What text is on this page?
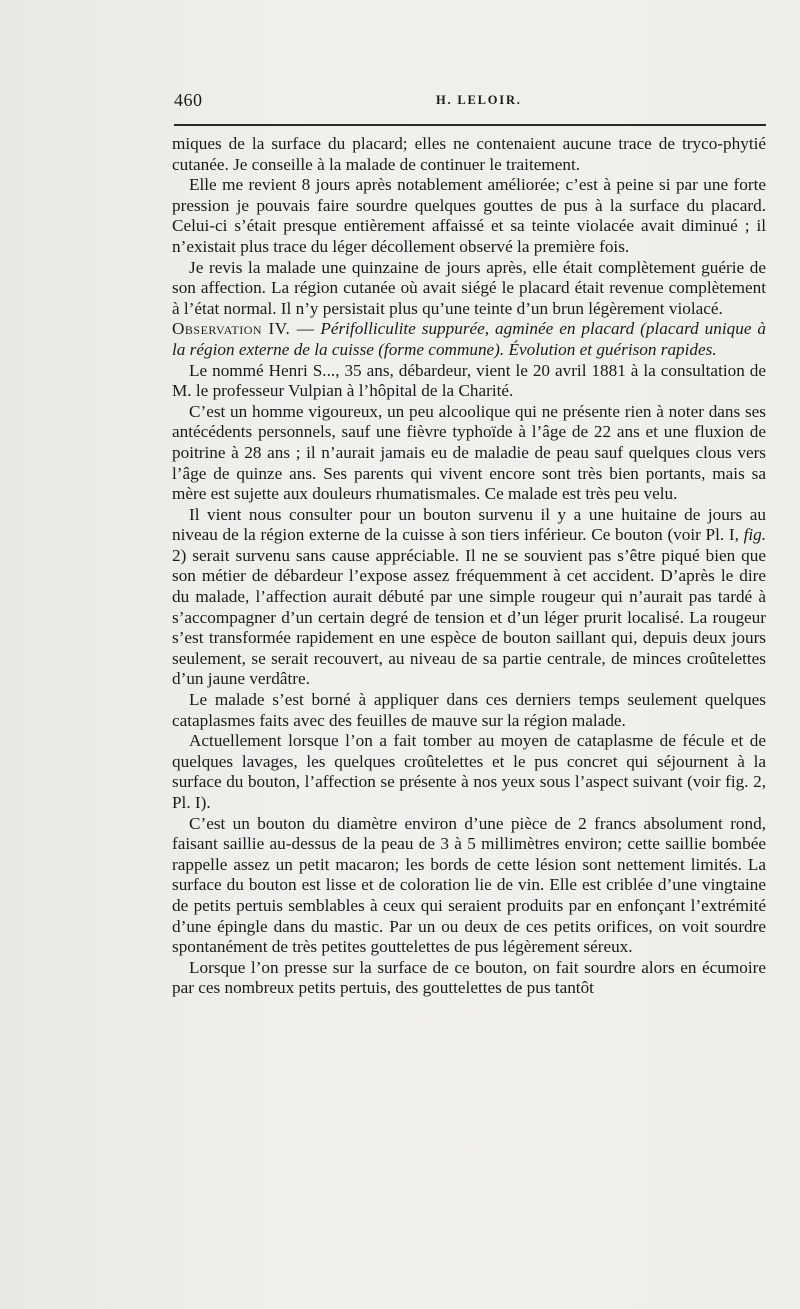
460	H. LELOIR.

miques de la surface du placard; elles ne contenaient aucune trace de tryco-phytié cutanée. Je conseille à la malade de continuer le traitement.

Elle me revient 8 jours après notablement améliorée; c’est à peine si par une forte pression je pouvais faire sourdre quelques gouttes de pus à la surface du placard. Celui-ci s’était presque entièrement affaissé et sa teinte violacée avait diminué ; il n’existait plus trace du léger décollement observé la première fois.

Je revis la malade une quinzaine de jours après, elle était complètement guérie de son affection. La région cutanée où avait siégé le placard était revenue complètement à l’état normal. Il n’y persistait plus qu’une teinte d’un brun légèrement violacé.

Observation IV. — Périfolliculite suppurée, agminée en placard (placard unique à la région externe de la cuisse (forme commune). Évolution et guérison rapides.

Le nommé Henri S..., 35 ans, débardeur, vient le 20 avril 1881 à la consultation de M. le professeur Vulpian à l’hôpital de la Charité.

C’est un homme vigoureux, un peu alcoolique qui ne présente rien à noter dans ses antécédents personnels, sauf une fièvre typhoïde à l’âge de 22 ans et une fluxion de poitrine à 28 ans ; il n’aurait jamais eu de maladie de peau sauf quelques clous vers l’âge de quinze ans. Ses parents qui vivent encore sont très bien portants, mais sa mère est sujette aux douleurs rhumatismales. Ce malade est très peu velu.

Il vient nous consulter pour un bouton survenu il y a une huitaine de jours au niveau de la région externe de la cuisse à son tiers inférieur. Ce bouton (voir Pl. I, fig. 2) serait survenu sans cause appréciable. Il ne se souvient pas s’être piqué bien que son métier de débardeur l’expose assez fréquemment à cet accident. D’après le dire du malade, l’affection aurait débuté par une simple rougeur qui n’aurait pas tardé à s’accompagner d’un certain degré de tension et d’un léger prurit localisé. La rougeur s’est transformée rapidement en une espèce de bouton saillant qui, depuis deux jours seulement, se serait recouvert, au niveau de sa partie centrale, de minces croûtelettes d’un jaune verdâtre.

Le malade s’est borné à appliquer dans ces derniers temps seulement quelques cataplasmes faits avec des feuilles de mauve sur la région malade.

Actuellement lorsque l’on a fait tomber au moyen de cataplasme de fécule et de quelques lavages, les quelques croûtelettes et le pus concret qui séjournent à la surface du bouton, l’affection se présente à nos yeux sous l’aspect suivant (voir fig. 2, Pl. I).

C’est un bouton du diamètre environ d’une pièce de 2 francs absolument rond, faisant saillie au-dessus de la peau de 3 à 5 millimètres environ; cette saillie bombée rappelle assez un petit macaron; les bords de cette lésion sont nettement limités. La surface du bouton est lisse et de coloration lie de vin. Elle est criblée d’une vingtaine de petits pertuis semblables à ceux qui seraient produits par en enfonçant l’extrémité d’une épingle dans du mastic. Par un ou deux de ces petits orifices, on voit sourdre spontanément de très petites gouttelettes de pus légèrement séreux.

Lorsque l’on presse sur la surface de ce bouton, on fait sourdre alors en écumoire par ces nombreux petits pertuis, des gouttelettes de pus tantôt
